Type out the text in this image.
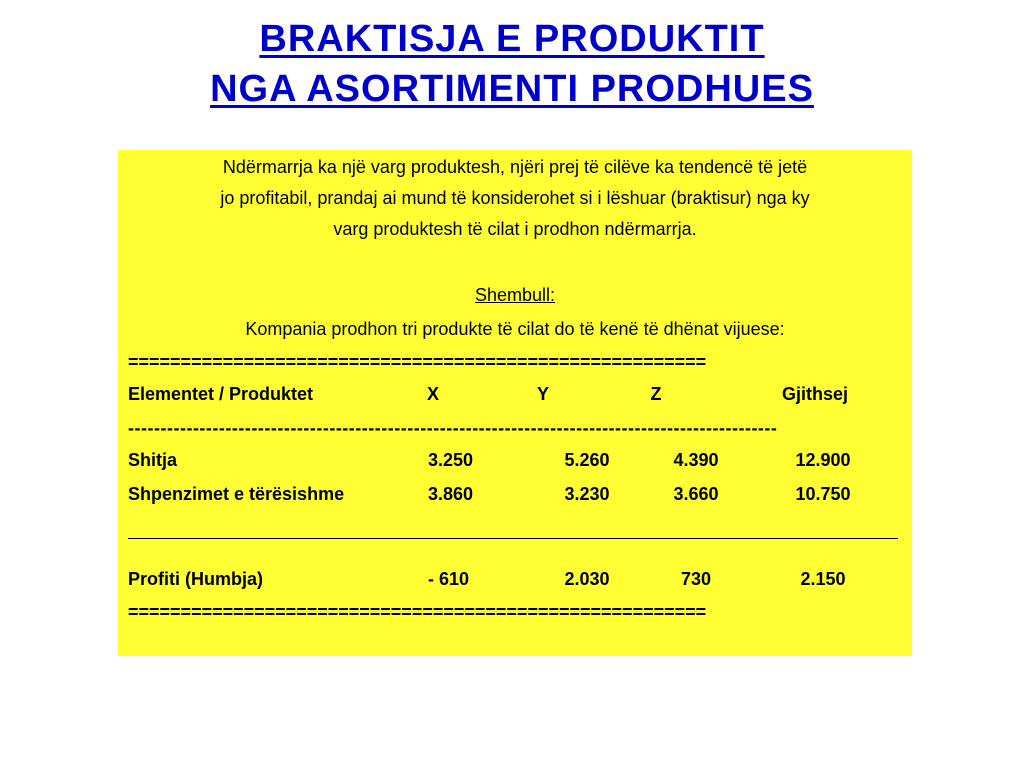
BRAKTISJA E PRODUKTIT
NGA ASORTIMENTI PRODHUES
Ndërmarrja ka një varg produktesh, njëri prej të cilëve ka tendencë të jetë
jo profitabil, prandaj ai mund të konsiderohet si i lëshuar (braktisur) nga ky
varg produktesh të cilat i prodhon ndërmarrja.
Shembull:
Kompania prodhon tri produkte të cilat do të kenë të dhënat vijuese:
=======================================================
Elementet / Produktet	X	Y	Z	Gjithsej
----------------------------------------------------------------------------------------------------
Shitja	3.250	5.260	4.390	12.900
Shpenzimet e tërësishme	3.860	3.230	3.660	10.750
Profiti (Humbja)	- 610	2.030	730	2.150
=======================================================
